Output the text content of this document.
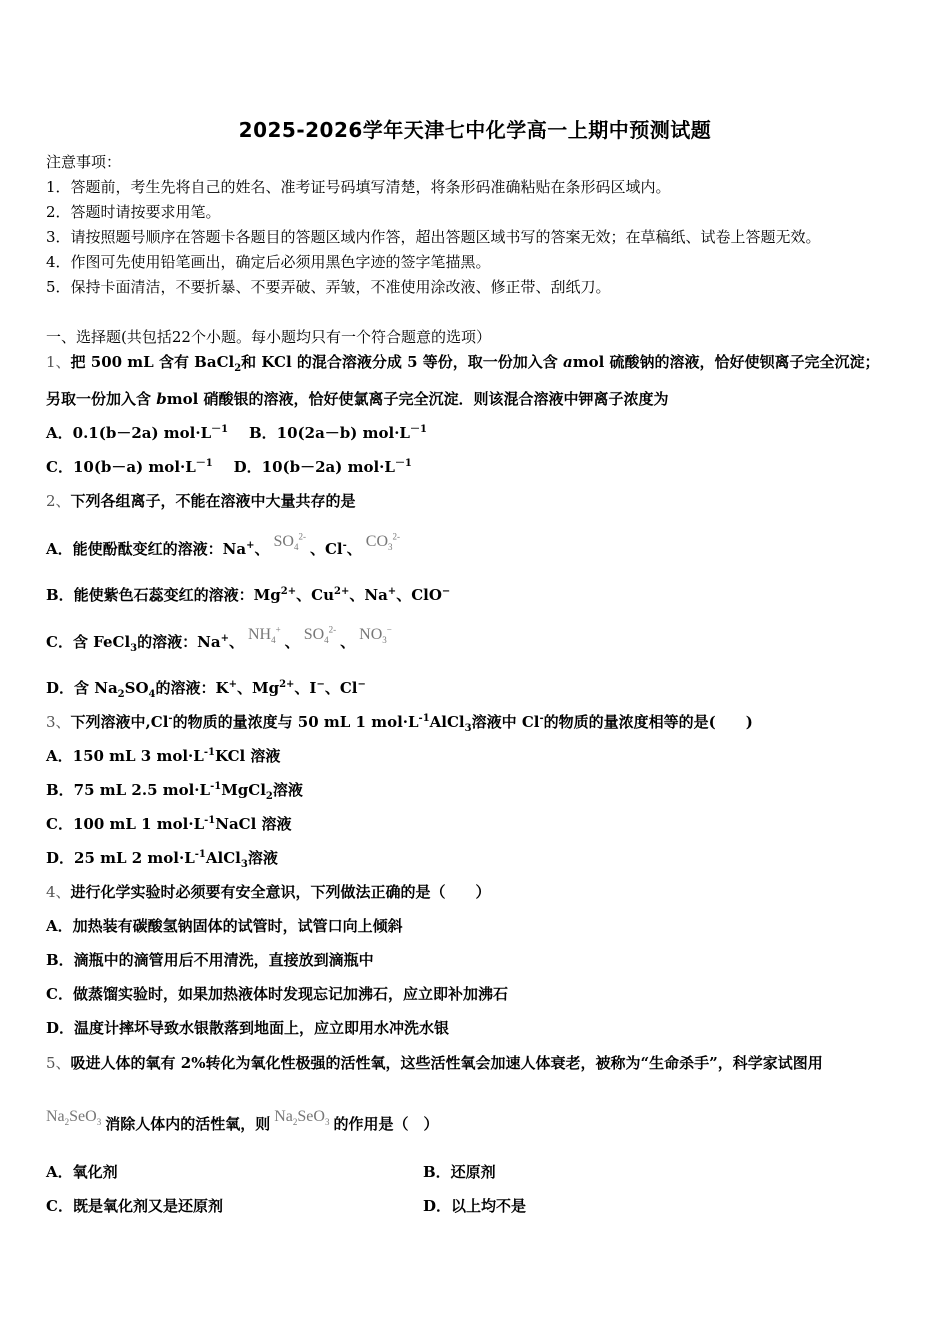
2025-2026学年天津七中化学高一上期中预测试题
注意事项：
1．答题前，考生先将自己的姓名、准考证号码填写清楚，将条形码准确粘贴在条形码区域内。
2．答题时请按要求用笔。
3．请按照题号顺序在答题卡各题目的答题区域内作答，超出答题区域书写的答案无效；在草稿纸、试卷上答题无效。
4．作图可先使用铅笔画出，确定后必须用黑色字迹的签字笔描黑。
5．保持卡面清洁，不要折暴、不要弄破、弄皱，不准使用涂改液、修正带、刮纸刀。
一、选择题(共包括22个小题。每小题均只有一个符合题意的选项）
1、把 500 mL 含有 BaCl$_2$和 KCl 的混合溶液分成 5 等份，取一份加入含 amol 硫酸钠的溶液，恰好使钡离子完全沉淀；
另取一份加入含 bmol 硝酸银的溶液，恰好使氯离子完全沉淀．则该混合溶液中钾离子浓度为
A．0.1(b－2a) $mol\cdot L^{-1}$ B．10(2a－b) $mol\cdot L^{-1}$
C．10(b－a) $mol\cdot L^{-1}$ D．10(b－2a) $mol\cdot L^{-1}$
2、下列各组离子，不能在溶液中大量共存的是
A．能使酚酞变红的溶液：Na+、 $SO_4^{2-}$、Cl-、 $CO_3^{2-}$
B．能使紫色石蕊变红的溶液：$Mg^{2+}$、$Cu^{2+}$、Na+、ClO−
C．含 FeCl$_3$的溶液：Na+、 $NH_4^+$、 $SO_4^{2-}$、 $NO_3^-$
D．含 $Na_2SO_4$的溶液：K+、$Mg^{2+}$、I−、Cl−
3、下列溶液中,Cl-的物质的量浓度与 50 mL 1 $mol\cdot L^{-1}AlCl_3$溶液中 Cl-的物质的量浓度相等的是(　　)
A．150 mL 3 $mol\cdot L^{-1}KCl$ 溶液
B．75 mL 2.5 $mol\cdot L^{-1}MgCl_2$溶液
C．100 mL 1 $mol\cdot L^{-1}NaCl$ 溶液
D．25 mL 2 $mol\cdot L^{-1}AlCl_3$溶液
4、进行化学实验时必须要有安全意识，下列做法正确的是（　　）
A．加热装有碳酸氢钠固体的试管时，试管口向上倾斜
B．滴瓶中的滴管用后不用清洗，直接放到滴瓶中
C．做蒸馏实验时，如果加热液体时发现忘记加沸石，应立即补加沸石
D．温度计摔坏导致水银散落到地面上，应立即用水冲洗水银
5、吸进人体的氧有 2%转化为氧化性极强的活性氧，这些活性氧会加速人体衰老，被称为“生命杀手”，科学家试图用
$Na_2SeO_3$ 消除人体内的活性氧，则 $Na_2SeO_3$ 的作用是（　）
A．氧化剂	B．还原剂
C．既是氧化剂又是还原剂	D．以上均不是
